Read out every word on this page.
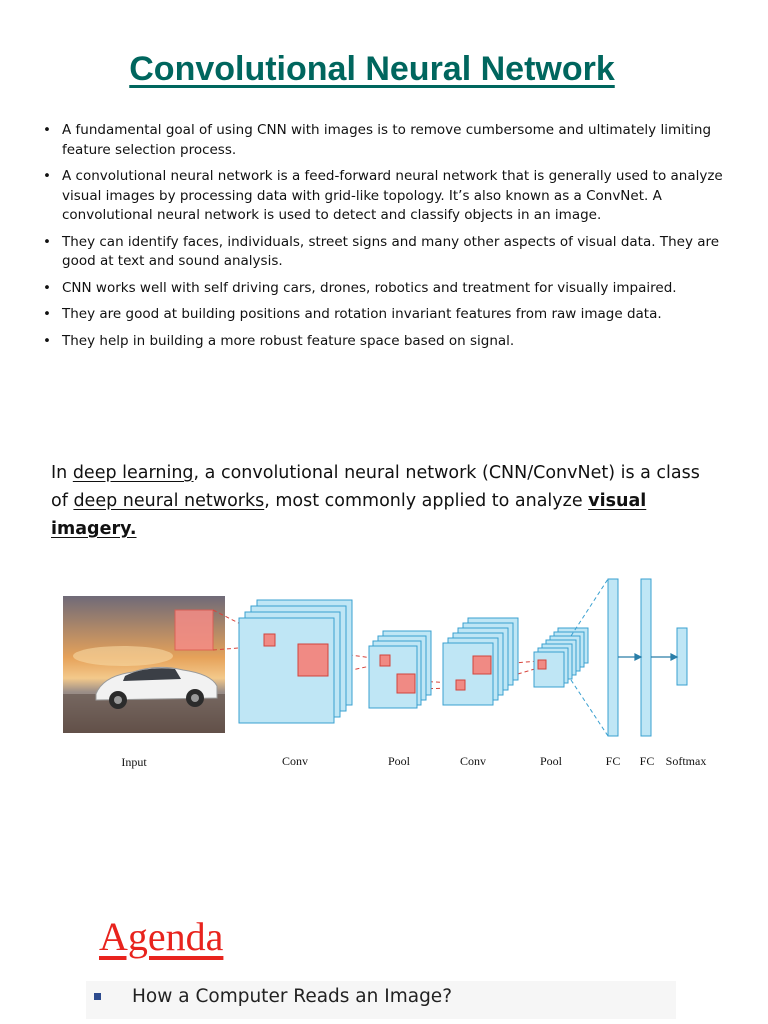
Convolutional Neural Network
• A fundamental goal of using CNN with images is to remove cumbersome and ultimately limiting feature selection process.
• A convolutional neural network is a feed-forward neural network that is generally used to analyze visual images by processing data with grid-like topology. It’s also known as a ConvNet. A convolutional neural network is used to detect and classify objects in an image.
• They can identify faces, individuals, street signs and many other aspects of visual data. They are good at text and sound analysis.
• CNN works well with self driving cars, drones, robotics and treatment for visually impaired.
• They are good at building positions and rotation invariant features from raw image data.
• They help in building a more robust feature space based on signal.
In deep learning, a convolutional neural network (CNN/ConvNet) is a class of deep neural networks, most commonly applied to analyze visual imagery.
Input	Conv	Pool	Conv	Pool	FC FC Softmax
Agenda
How a Computer Reads an Image?
